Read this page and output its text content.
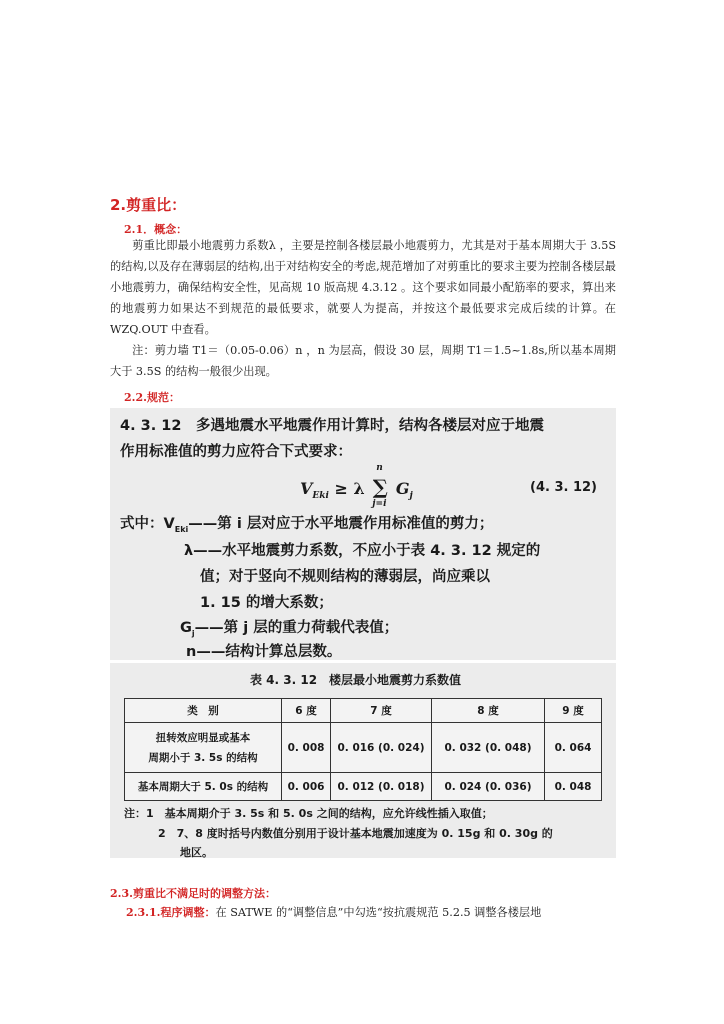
2.剪重比：
2.1．概念：
剪重比即最小地震剪力系数λ ，主要是控制各楼层最小地震剪力，尤其是对于基本周期大于 3.5S 的结构,以及存在薄弱层的结构,出于对结构安全的考虑,规范增加了对剪重比的要求主要为控制各楼层最小地震剪力，确保结构安全性，见高规 10 版高规 4.3.12 。这个要求如同最小配筋率的要求，算出来的地震剪力如果达不到规范的最低要求，就要人为提高，并按这个最低要求完成后续的计算。在 WZQ.OUT 中查看。
注：剪力墙 T1＝（0.05-0.06）n ，n 为层高，假设 30 层，周期 T1＝1.5~1.8s,所以基本周期大于 3.5S 的结构一般很少出现。
2.2.规范：
4. 3. 12　多遇地震水平地震作用计算时，结构各楼层对应于地震
作用标准值的剪力应符合下式要求：
$V_{Eki} \ge \lambda$
n
∑
j=i
$G_j$
(4. 3. 12)
式中：$V_{Eki}——$第 i 层对应于水平地震作用标准值的剪力；
λ——水平地震剪力系数，不应小于表 4. 3. 12 规定的
值；对于竖向不规则结构的薄弱层，尚应乘以
1. 15 的增大系数；
$G_j——$第 j 层的重力荷载代表值；
n——结构计算总层数。
表 4. 3. 12　楼层最小地震剪力系数值
类　别	6 度	7 度	8 度	9 度

扭转效应明显或基本
周期小于 3. 5s 的结构	0. 008	0. 016 (0. 024)	0. 032 (0. 048)	0. 064
基本周期大于 5. 0s 的结构	0. 006	0. 012 (0. 018)	0. 024 (0. 036)	0. 048
注：1　基本周期介于 3. 5s 和 5. 0s 之间的结构，应允许线性插入取值；
2　7、8 度时括号内数值分别用于设计基本地震加速度为 0. 15g 和 0. 30g 的
地区。
2.3.剪重比不满足时的调整方法：
2.3.1.程序调整：在 SATWE 的“调整信息”中勾选“按抗震规范 5.2.5 调整各楼层地
